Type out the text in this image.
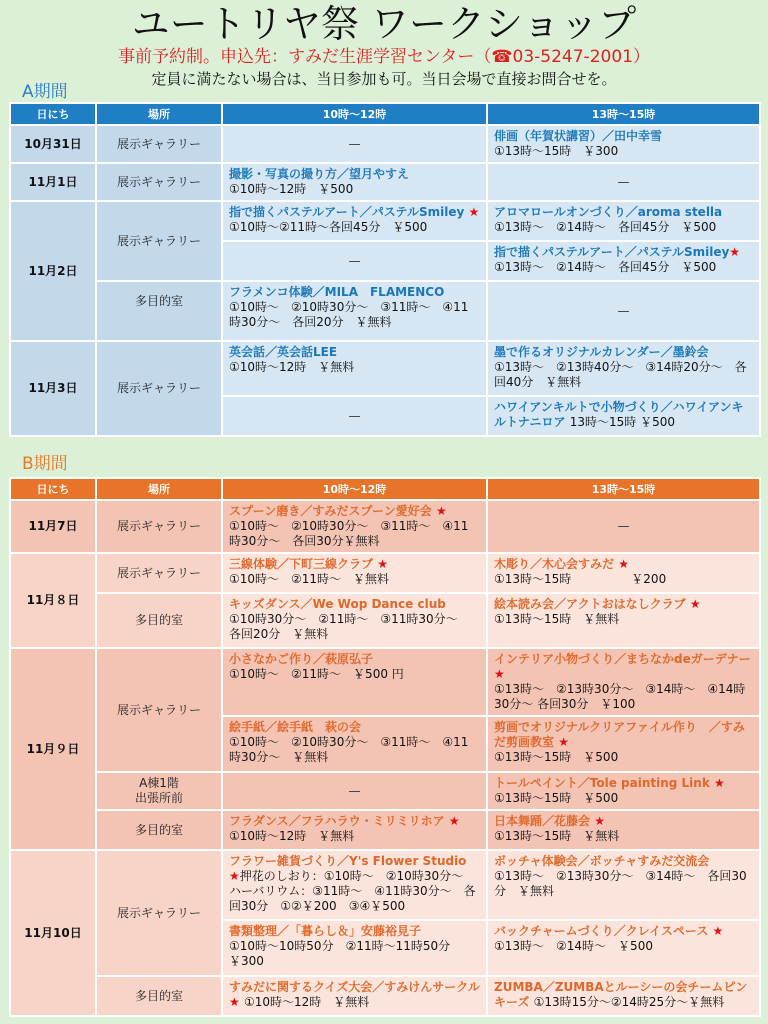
ユートリヤ祭 ワークショップ
事前予約制。申込先：すみだ生涯学習センター（☎03-5247-2001）
定員に満たない場合は、当日参加も可。当日会場で直接お問合せを。
A期間
日にち	場所	10時～12時	13時～15時
10月31日	展示ギャラリー	—	俳画（年賀状講習）／田中幸雪
①13時～15時　￥300

11月1日	展示ギャラリー	撮影・写真の撮り方／望月やすえ
①10時～12時　￥500	—
11月2日	展示ギャラリー	指で描くパステルアート／パステルSmiley ★
①10時～②11時～各回45分　￥500	アロマロールオンづくり／aroma stella
①13時～　②14時～　各回45分　￥500

		—	指で描くパステルアート／パステルSmiley★
①13時～　②14時～　各回45分　￥500

	多目的室	フラメンコ体験／MILA　FLAMENCO
①10時～　②10時30分～　③11時～　④11時30分～　各回20分　￥無料	—
11月3日	展示ギャラリー	英会話／英会話LEE
①10時～12時　￥無料	墨で作るオリジナルカレンダー／墨鈴会
①13時～　②13時40分～　③14時20分～　各回40分　￥無料

		—	ハワイアンキルトで小物づくり／ハワイアンキルトナニロア 13時～15時 ￥500
B期間
日にち	場所	10時～12時	13時～15時
11月7日	展示ギャラリー	スプーン磨き／すみだスプーン愛好会 ★
①10時～　②10時30分～　③11時～　④11時30分～　各回30分￥無料	—
11月８日	展示ギャラリー	三線体験／下町三線クラブ ★
①10時～　②11時～　￥無料	木彫り／木心会すみだ ★
①13時～15時　　　　　￥200

	多目的室	キッズダンス／We Wop Dance club
①10時30分～　②11時～　③11時30分～　各回20分　￥無料	絵本読み会／アクトおはなしクラブ ★
①13時～15時　￥無料

11月９日	展示ギャラリー	小さなかご作り／萩原弘子
①10時～　②11時～　￥500 円	インテリア小物づくり／まちなかdeガーデナー ★
①13時～　②13時30分～　③14時～　④14時30分～ 各回30分　￥100

		絵手紙／絵手紙　萩の会
①10時～　②10時30分～　③11時～　④11時30分～　￥無料	剪画でオリジナルクリアファイル作り　／すみだ剪画教室 ★
①13時～15時　￥500

	A棟1階
出張所前	—	トールペイント／Tole painting Link ★
①13時～15時　￥500

	多目的室	フラダンス／フラハラウ・ミリミリホア ★
①10時～12時　￥無料	日本舞踊／花藤会 ★
①13時～15時　￥無料

11月10日	展示ギャラリー	フラワー雑貨づくり／Y's Flower Studio
★押花のしおり：①10時～　②10時30分～　ハーバリウム：③11時～　④11時30分～　各回30分　①②￥200　③④￥500	ボッチャ体験会／ボッチャすみだ交流会
①13時～　②13時30分～　③14時～　各回30分　￥無料

		書類整理／「暮らし＆」安藤裕見子
①10時～10時50分　②11時～11時50分　￥300	バックチャームづくり／クレイスペース ★
①13時～　②14時～　￥500

	多目的室	すみだに関するクイズ大会／すみけんサークル ★ ①10時～12時　￥無料	ZUMBA／ZUMBAとルーシーの会チームピンキーズ ①13時15分～②14時25分～￥無料
